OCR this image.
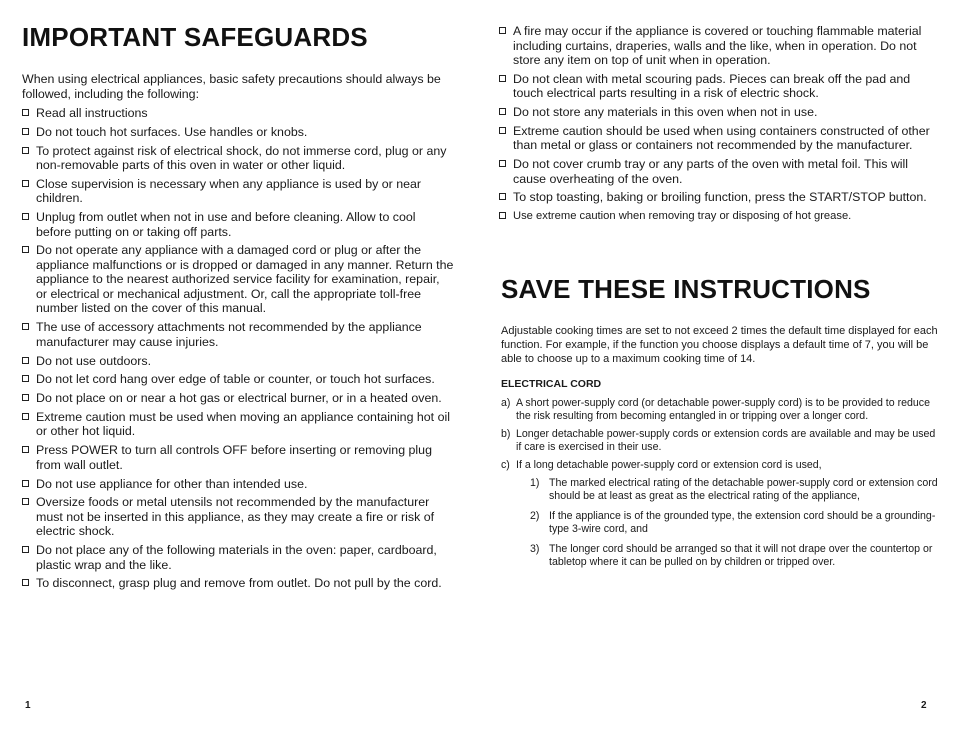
IMPORTANT SAFEGUARDS

When using electrical appliances, basic safety precautions should always be followed, including the following:

Read all instructions
Do not touch hot surfaces. Use handles or knobs.
To protect against risk of electrical shock, do not immerse cord, plug or any non-removable parts of this oven in water or other liquid.
Close supervision is necessary when any appliance is used by or near children.
Unplug from outlet when not in use and before cleaning. Allow to cool before putting on or taking off parts.
Do not operate any appliance with a damaged cord or plug or after the appliance malfunctions or is dropped or damaged in any manner. Return the appliance to the nearest authorized service facility for examination, repair, or electrical or mechanical adjustment. Or, call the appropriate toll-free number listed on the cover of this manual.
The use of accessory attachments not recommended by the appliance manufacturer may cause injuries.
Do not use outdoors.
Do not let cord hang over edge of table or counter, or touch hot surfaces.
Do not place on or near a hot gas or electrical burner, or in a heated oven.
Extreme caution must be used when moving an appliance containing hot oil or other hot liquid.
Press POWER to turn all controls OFF before inserting or removing plug from wall outlet.
Do not use appliance for other than intended use.
Oversize foods or metal utensils not recommended by the manufacturer must not be inserted in this appliance, as they may create a fire or risk of electric shock.
Do not place any of the following materials in the oven: paper, cardboard, plastic wrap and the like.
To disconnect, grasp plug and remove from outlet. Do not pull by the cord.
1
A fire may occur if the appliance is covered or touching flammable material including curtains, draperies, walls and the like, when in operation. Do not store any item on top of unit when in operation.
Do not clean with metal scouring pads. Pieces can break off the pad and touch electrical parts resulting in a risk of electric shock.
Do not store any materials in this oven when not in use.
Extreme caution should be used when using containers constructed of other than metal or glass or containers not recommended by the manufacturer.
Do not cover crumb tray or any parts of the oven with metal foil. This will cause overheating of the oven.
To stop toasting, baking or broiling function, press the START/STOP button.
Use extreme caution when removing tray or disposing of hot grease.
SAVE THESE INSTRUCTIONS

Adjustable cooking times are set to not exceed 2 times the default time displayed for each function. For example, if the function you choose displays a default time of 7, you will be able to choose up to a maximum cooking time of 14.

ELECTRICAL CORD

a) A short power-supply cord (or detachable power-supply cord) is to be provided to reduce the risk resulting from becoming entangled in or tripping over a longer cord.
b) Longer detachable power-supply cords or extension cords are available and may be used if care is exercised in their use.
c) If a long detachable power-supply cord or extension cord is used,
1) The marked electrical rating of the detachable power-supply cord or extension cord should be at least as great as the electrical rating of the appliance,
2) If the appliance is of the grounded type, the extension cord should be a grounding-type 3-wire cord, and
3) The longer cord should be arranged so that it will not drape over the countertop or tabletop where it can be pulled on by children or tripped over.
2
